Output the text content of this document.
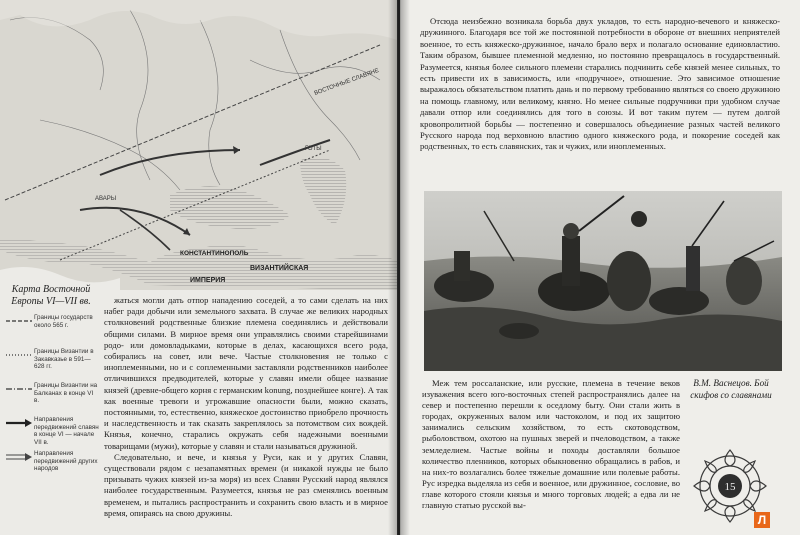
ВОСТОЧНЫЕ СЛАВЯНЕ
ГОТЫ
КОНСТАНТИНОПОЛЬ
ВИЗАНТИЙСКАЯ
ИМПЕРИЯ
АВАРЫ
Карта Восточной Европы VI—VII вв.
Границы государств около 565 г.
Границы Византии в Закавказье в 591—628 гг.
Границы Византии на Балканах в конце VI в.
Направления передвижений славян в конце VI — начале VII в.
Направления передвижений других народов

жаться могли дать отпор нападению соседей, а то сами сделать на них набег ради добычи или земельного захвата. В случае же великих народных столкновений родственные близкие племена соединялись и действовали общими силами. В мирное время они управлялись своими старейшинами родо- или домовладыками, которые в делах, касающихся всего рода, собирались на совет, или вече. Частые столкновения не только с иноплеменными, но и с соплеменными заставляли родственников наиболее отличившихся предводителей, которые у славян имели общее название князей (древне-общего корня с германским konung, позднейшее конге). А так как военные тревоги и угрожавшие опасности были, можно сказать, постоянными, то, естественно, княжеское достоинство приобрело прочность и наследственность и так сказать закреплялось за потомством сих вождей. Князья, конечно, старались окружать себя надежными военными товарищами (мужи), которые у славян и стали называться дружиной.

Следовательно, и вече, и князья у Руси, как и у других Славян, существовали рядом с незапамятных времен (и никакой нужды не было призывать чужих князей из-за моря) из всех Славян Русский народ являлся наиболее государственным. Разумеется, князья не раз сменялись военным временем, и пытались распространить и сохранить свою власть и в мирное время, опираясь на свою дружины.

Отсюда неизбежно возникала борьба двух укладов, то есть народно-вечевого и княжеско-дружинного. Благодаря все той же постоянной потребности в обороне от внешних неприятелей военное, то есть княжеско-дружинное, начало брало верх и полагало основание единовластию. Таким образом, бывшее племенной медленно, но постоянно превращалось в государственный. Разумеется, князья более сильного племени старались подчинить себе князей менее сильных, то есть привести их в зависимость, или «подручное», отношение. Это зависимое отношение выражалось обязательством платить дань и по первому требованию являться со своею дружиною на помощь главному, или великому, князю. Но менее сильные подручники при удобном случае давали отпор или соединялись для того в союзы. И вот таким путем — путем долгой кровопролитной борьбы — постепенно и совершалось объединение разных частей великого Русского народа под верховною властию одного княжеского рода, и покорение соседей как родственных, то есть славянских, так и чужих, или иноплеменных.

Меж тем россаланские, или русские, племена в течение веков изуважения всего юго-восточных степей распространялись далее на север и постепенно перешли к оседлому быту. Они стали жить в городах, окруженных валом или частоколом, и под их защитою занимались сельским хозяйством, то есть скотоводством, рыболовством, охотою на пушных зверей и пчеловодством, а также земледелием. Частые войны и походы доставляли большое количество пленников, которых обыкновенно обращались в рабов, и на них-то возлагались более тяжелые домашние или полевые работы. Рус изредка выделяла из себя и военное, или дружинное, сословие, во главе которого стояли князья и много торговых людей; а едва ли не главную статью русской вы-

В.М. Васнецов. Бой скифов со славянами
15
Л
